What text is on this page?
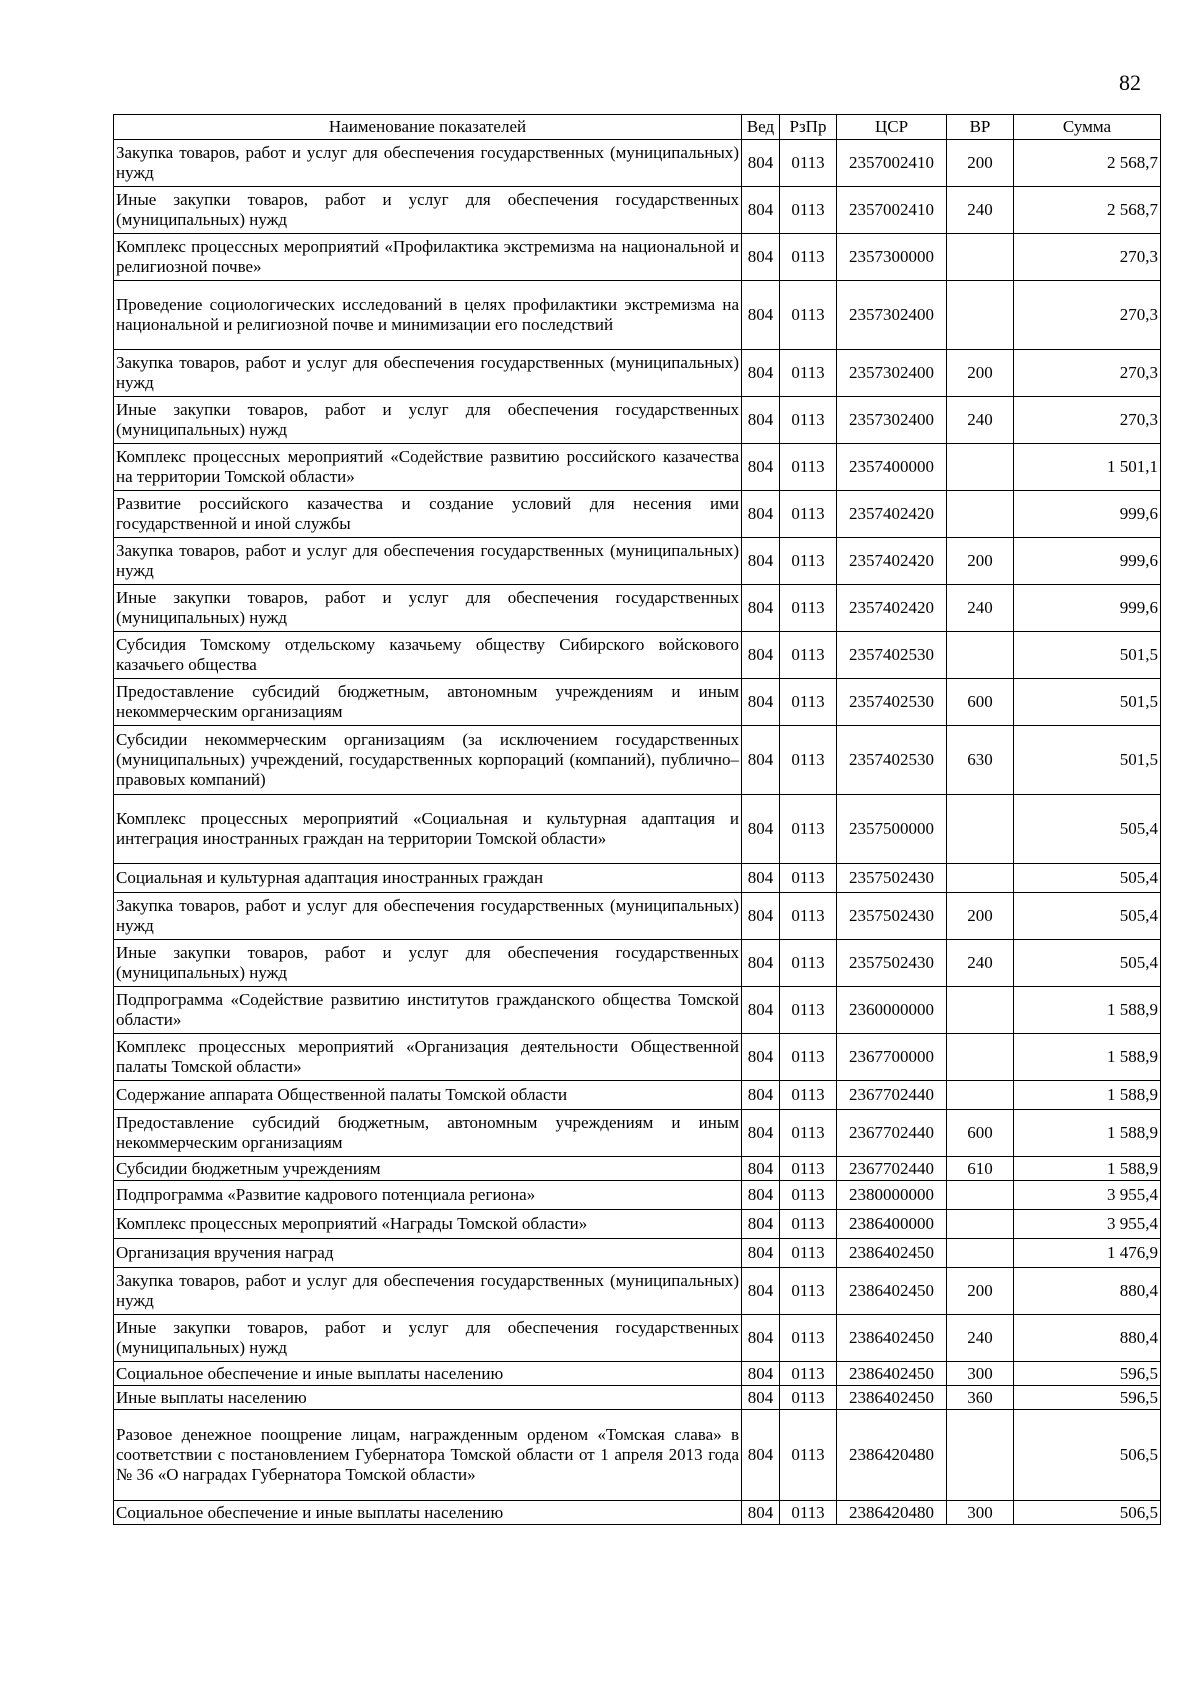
82
Наименование показателей	Вед	РзПр	ЦСР	ВР	Сумма
Закупка товаров, работ и услуг для обеспечения государственных (муниципальных) нужд	804	0113	2357002410	200	2 568,7
Иные закупки товаров, работ и услуг для обеспечения государственных (муниципальных) нужд	804	0113	2357002410	240	2 568,7
Комплекс процессных мероприятий «Профилактика экстремизма на национальной и религиозной почве»	804	0113	2357300000		270,3
Проведение социологических исследований в целях профилактики экстремизма на национальной и религиозной почве и минимизации его последствий	804	0113	2357302400		270,3
Закупка товаров, работ и услуг для обеспечения государственных (муниципальных) нужд	804	0113	2357302400	200	270,3
Иные закупки товаров, работ и услуг для обеспечения государственных (муниципальных) нужд	804	0113	2357302400	240	270,3
Комплекс процессных мероприятий «Содействие развитию российского казачества на территории Томской области»	804	0113	2357400000		1 501,1
Развитие российского казачества и создание условий для несения ими государственной и иной службы	804	0113	2357402420		999,6
Закупка товаров, работ и услуг для обеспечения государственных (муниципальных) нужд	804	0113	2357402420	200	999,6
Иные закупки товаров, работ и услуг для обеспечения государственных (муниципальных) нужд	804	0113	2357402420	240	999,6
Субсидия Томскому отдельскому казачьему обществу Сибирского войскового казачьего общества	804	0113	2357402530		501,5
Предоставление субсидий бюджетным, автономным учреждениям и иным некоммерческим организациям	804	0113	2357402530	600	501,5
Субсидии некоммерческим организациям (за исключением государственных (муниципальных) учреждений, государственных корпораций (компаний), публично–правовых компаний)	804	0113	2357402530	630	501,5
Комплекс процессных мероприятий «Социальная и культурная адаптация и интеграция иностранных граждан на территории Томской области»	804	0113	2357500000		505,4
Социальная и культурная адаптация иностранных граждан	804	0113	2357502430		505,4
Закупка товаров, работ и услуг для обеспечения государственных (муниципальных) нужд	804	0113	2357502430	200	505,4
Иные закупки товаров, работ и услуг для обеспечения государственных (муниципальных) нужд	804	0113	2357502430	240	505,4
Подпрограмма «Содействие развитию институтов гражданского общества Томской области»	804	0113	2360000000		1 588,9
Комплекс процессных мероприятий «Организация деятельности Общественной палаты Томской области»	804	0113	2367700000		1 588,9
Содержание аппарата Общественной палаты Томской области	804	0113	2367702440		1 588,9
Предоставление субсидий бюджетным, автономным учреждениям и иным некоммерческим организациям	804	0113	2367702440	600	1 588,9
Субсидии бюджетным учреждениям	804	0113	2367702440	610	1 588,9
Подпрограмма «Развитие кадрового потенциала региона»	804	0113	2380000000		3 955,4
Комплекс процессных мероприятий «Награды Томской области»	804	0113	2386400000		3 955,4
Организация вручения наград	804	0113	2386402450		1 476,9
Закупка товаров, работ и услуг для обеспечения государственных (муниципальных) нужд	804	0113	2386402450	200	880,4
Иные закупки товаров, работ и услуг для обеспечения государственных (муниципальных) нужд	804	0113	2386402450	240	880,4
Социальное обеспечение и иные выплаты населению	804	0113	2386402450	300	596,5
Иные выплаты населению	804	0113	2386402450	360	596,5
Разовое денежное поощрение лицам, награжденным орденом «Томская слава» в соответствии с постановлением Губернатора Томской области от 1 апреля 2013 года № 36 «О наградах Губернатора Томской области»	804	0113	2386420480		506,5
Социальное обеспечение и иные выплаты населению	804	0113	2386420480	300	506,5
